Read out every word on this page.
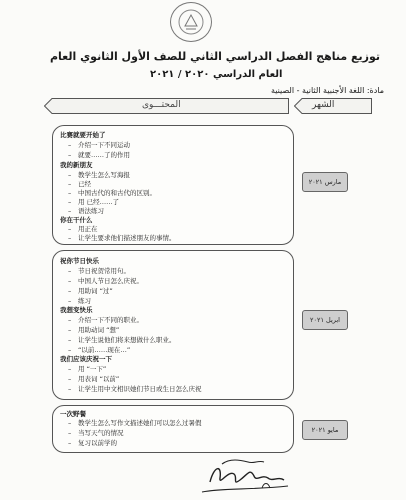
توزيع مناهج الفصل الدراسي الثاني للصف الأول الثانوي العام
العام الدراسي ٢٠٢٠ / ٢٠٢١
مادة: اللغة الأجنبية الثانية - الصينية
المحتـــوى	الشهر
مارس ٢٠٢١
比赛就要开始了
– 介绍一下不同运动
– 就要……了的作用
我的新朋友
– 教学生怎么写海报
– 已经
– 中国古代的和古代的区别。
– 用 已经……了
– 语法练习
你在干什么
– 用正在
– 让学生要求他们描述朋友的事情。
ابريل ٢٠٢١
祝你节日快乐
– 节日祝贺常用句。
– 中国人节日怎么庆祝。
– 用助词 “过”
– 练习
我想变快乐
– 介绍一下不同的职业。
– 用助动词 “想”
– 让学生说他们将来想做什么职业。
– “以前……现在…”
我们应该庆祝一下
– 用 “一下”
– 用表词 “以前”
– 让学生用中文相识她们节日或生日怎么庆祝
مايو ٢٠٢١
一次野餐
– 教学生怎么写作文描述她们可以怎么过暑假
– 当写天气的情况
– 复习以前学的
